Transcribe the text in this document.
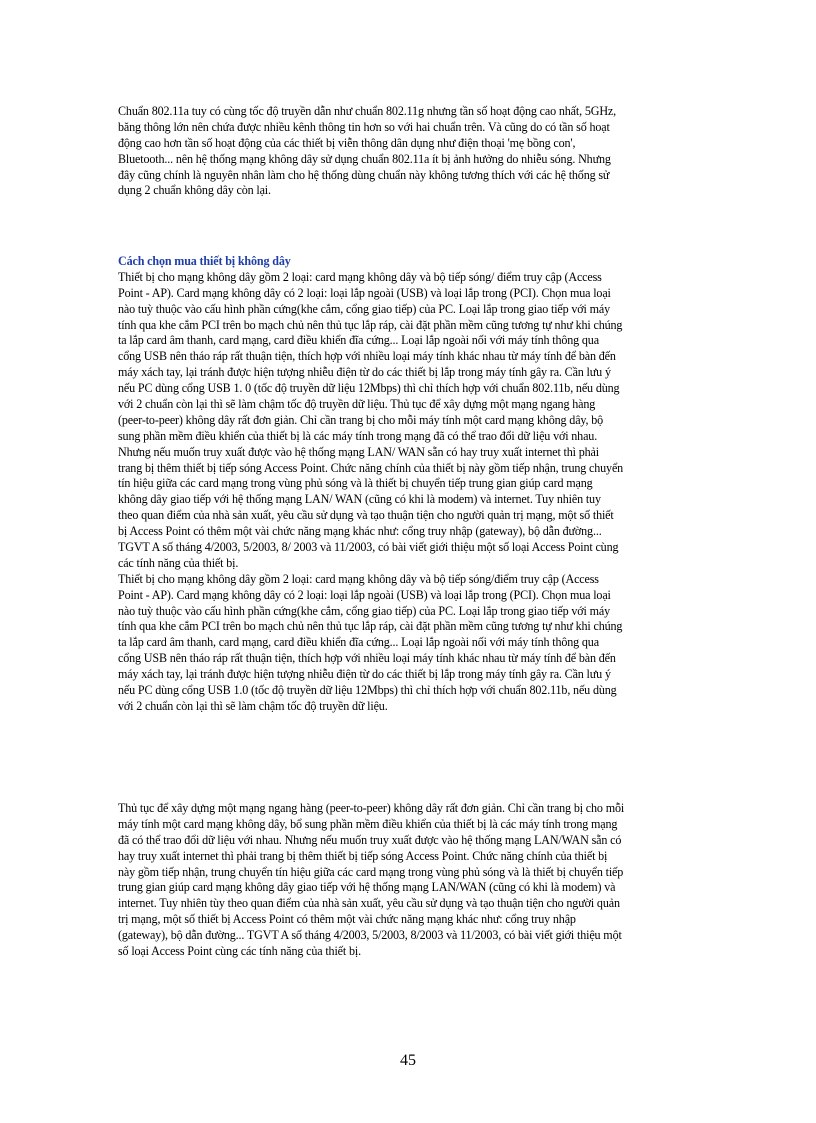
Chuẩn 802.11a tuy có cùng tốc độ truyền dẫn như chuẩn 802.11g nhưng tần số hoạt động cao nhất, 5GHz,
băng thông lớn nên chứa được nhiều kênh thông tin hơn so với hai chuẩn trên. Và cũng do có tần số hoạt
động cao hơn tần số hoạt động của các thiết bị viễn thông dân dụng như điện thoại 'mẹ bồng con',
Bluetooth... nên hệ thống mạng không dây sử dụng chuẩn 802.11a ít bị ảnh hưởng do nhiễu sóng. Nhưng
đây cũng chính là nguyên nhân làm cho hệ thống dùng chuẩn này không tương thích với các hệ thống sử
dụng 2 chuẩn không dây còn lại.
Cách chọn mua thiết bị không dây
Thiết bị cho mạng không dây gồm 2 loại: card mạng không dây và bộ tiếp sóng/ điểm truy cập (Access
Point - AP). Card mạng không dây có 2 loại: loại lắp ngoài (USB) và loại lắp trong (PCI). Chọn mua loại
nào tuỳ thuộc vào cấu hình phần cứng(khe cắm, cổng giao tiếp) của PC. Loại lắp trong giao tiếp với máy
tính qua khe cắm PCI trên bo mạch chủ nên thủ tục lắp ráp, cài đặt phần mềm cũng tương tự như khi chúng
ta lắp card âm thanh, card mạng, card điều khiển đĩa cứng... Loại lắp ngoài nối với máy tính thông qua
cổng USB nên tháo ráp rất thuận tiện, thích hợp với nhiều loại máy tính khác nhau từ máy tính để bàn đến
máy xách tay, lại tránh được hiện tượng nhiễu điện từ do các thiết bị lắp trong máy tính gây ra. Cần lưu ý
nếu PC dùng cổng USB 1. 0 (tốc độ truyền dữ liệu 12Mbps) thì chỉ thích hợp với chuẩn 802.11b, nếu dùng
với 2 chuẩn còn lại thì sẽ làm chậm tốc độ truyền dữ liệu. Thủ tục để xây dựng một mạng ngang hàng
(peer-to-peer) không dây rất đơn giản. Chỉ cần trang bị cho mỗi máy tính một card mạng không dây, bộ
sung phần mềm điều khiển của thiết bị là các máy tính trong mạng đã có thể trao đổi dữ liệu với nhau.
Nhưng nếu muốn truy xuất được vào hệ thống mạng LAN/ WAN sẵn có hay truy xuất internet thì phải
trang bị thêm thiết bị tiếp sóng Access Point. Chức năng chính của thiết bị này gồm tiếp nhận, trung chuyển
tín hiệu giữa các card mạng trong vùng phủ sóng và là thiết bị chuyển tiếp trung gian giúp card mạng
không dây giao tiếp với hệ thống mạng LAN/ WAN (cũng có khi là modem) và internet. Tuy nhiên tuy
theo quan điểm của nhà sản xuất, yêu cầu sử dụng và tạo thuận tiện cho người quản trị mạng, một số thiết
bị Access Point có thêm một vài chức năng mạng khác như: cổng truy nhập (gateway), bộ dẫn đường...
TGVT A số tháng 4/2003, 5/2003, 8/ 2003 và 11/2003, có bài viết giới thiệu một số loại Access Point cùng
các tính năng của thiết bị.
Thiết bị cho mạng không dây gồm 2 loại: card mạng không dây và bộ tiếp sóng/điểm truy cập (Access
Point - AP). Card mạng không dây có 2 loại: loại lắp ngoài (USB) và loại lắp trong (PCI). Chọn mua loại
nào tuỳ thuộc vào cấu hình phần cứng(khe cắm, cổng giao tiếp) của PC. Loại lắp trong giao tiếp với máy
tính qua khe cắm PCI trên bo mạch chủ nên thủ tục lắp ráp, cài đặt phần mềm cũng tương tự như khi chúng
ta lắp card âm thanh, card mạng, card điều khiển đĩa cứng... Loại lắp ngoài nối với máy tính thông qua
cổng USB nên tháo ráp rất thuận tiện, thích hợp với nhiều loại máy tính khác nhau từ máy tính để bàn đến
máy xách tay, lại tránh được hiện tượng nhiễu điện từ do các thiết bị lắp trong máy tính gây ra. Cần lưu ý
nếu PC dùng cổng USB 1.0 (tốc độ truyền dữ liệu 12Mbps) thì chỉ thích hợp với chuẩn 802.11b, nếu dùng
với 2 chuẩn còn lại thì sẽ làm chậm tốc độ truyền dữ liệu.
Thủ tục để xây dựng một mạng ngang hàng (peer-to-peer) không dây rất đơn giản. Chỉ cần trang bị cho mỗi
máy tính một card mạng không dây, bổ sung phần mềm điều khiển của thiết bị là các máy tính trong mạng
đã có thể trao đổi dữ liệu với nhau. Nhưng nếu muốn truy xuất được vào hệ thống mạng LAN/WAN sẵn có
hay truy xuất internet thì phải trang bị thêm thiết bị tiếp sóng Access Point. Chức năng chính của thiết bị
này gồm tiếp nhận, trung chuyển tín hiệu giữa các card mạng trong vùng phủ sóng và là thiết bị chuyển tiếp
trung gian giúp card mạng không dây giao tiếp với hệ thống mạng LAN/WAN (cũng có khi là modem) và
internet. Tuy nhiên tùy theo quan điểm của nhà sản xuất, yêu cầu sử dụng và tạo thuận tiện cho người quản
trị mạng, một số thiết bị Access Point có thêm một vài chức năng mạng khác như: cổng truy nhập
(gateway), bộ dẫn đường... TGVT A số tháng 4/2003, 5/2003, 8/2003 và 11/2003, có bài viết giới thiệu một
số loại Access Point cùng các tính năng của thiết bị.
45
